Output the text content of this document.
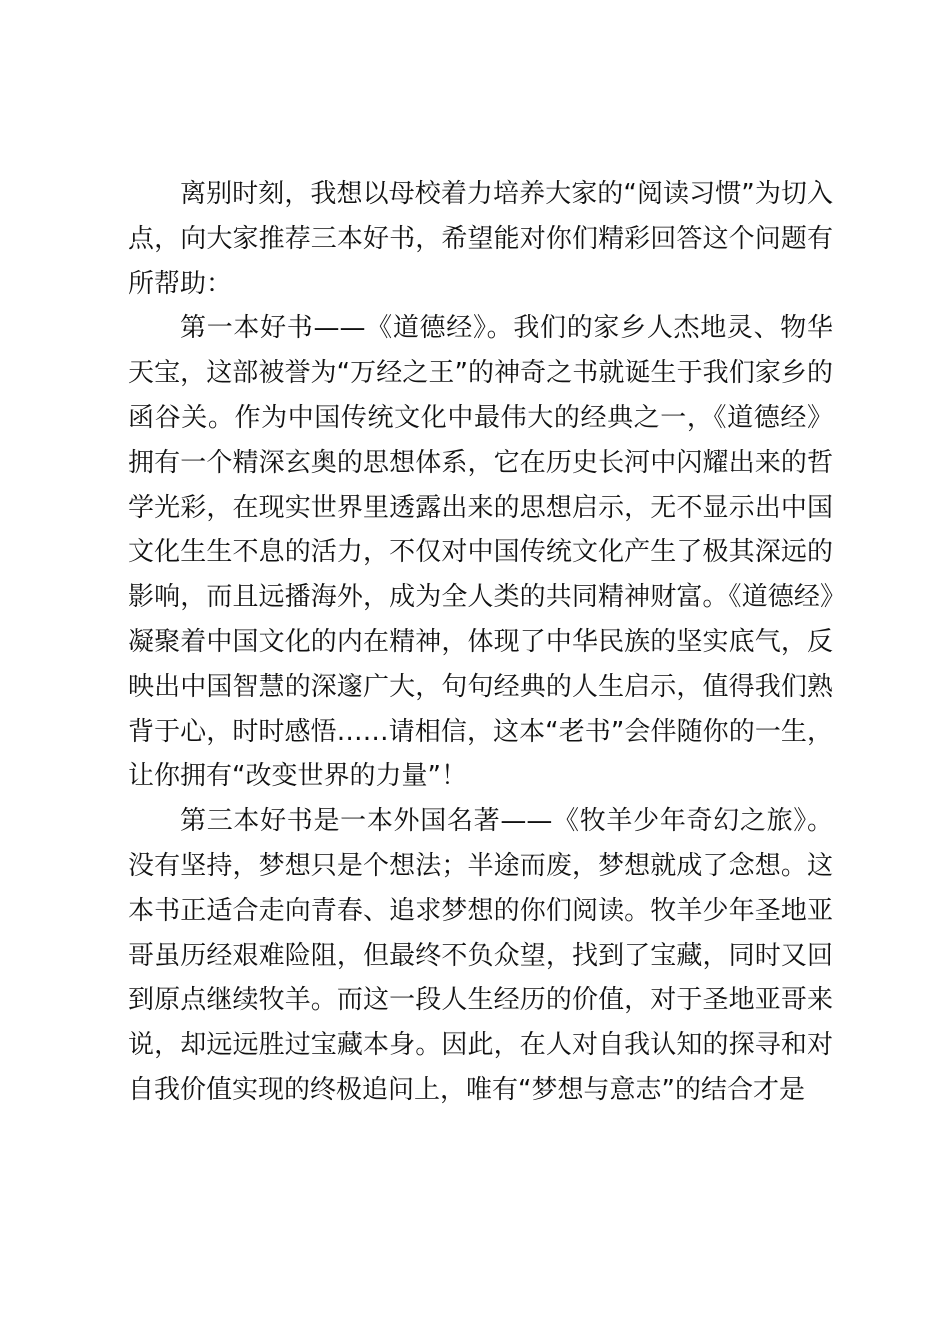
离别时刻，我想以母校着力培养大家的“阅读习惯”为切入点，向大家推荐三本好书，希望能对你们精彩回答这个问题有所帮助：

第一本好书——《道德经》。我们的家乡人杰地灵、物华天宝，这部被誉为“万经之王”的神奇之书就诞生于我们家乡的函谷关。作为中国传统文化中最伟大的经典之一，《道德经》拥有一个精深玄奥的思想体系，它在历史长河中闪耀出来的哲学光彩，在现实世界里透露出来的思想启示，无不显示出中国文化生生不息的活力，不仅对中国传统文化产生了极其深远的影响，而且远播海外，成为全人类的共同精神财富。《道德经》凝聚着中国文化的内在精神，体现了中华民族的坚实底气，反映出中国智慧的深邃广大，句句经典的人生启示，值得我们熟背于心，时时感悟……请相信，这本“老书”会伴随你的一生，让你拥有“改变世界的力量”！

第三本好书是一本外国名著——《牧羊少年奇幻之旅》。没有坚持，梦想只是个想法；半途而废，梦想就成了念想。这本书正适合走向青春、追求梦想的你们阅读。牧羊少年圣地亚哥虽历经艰难险阻，但最终不负众望，找到了宝藏，同时又回到原点继续牧羊。而这一段人生经历的价值，对于圣地亚哥来说，却远远胜过宝藏本身。因此，在人对自我认知的探寻和对自我价值实现的终极追问上，唯有“梦想与意志”的结合才是
